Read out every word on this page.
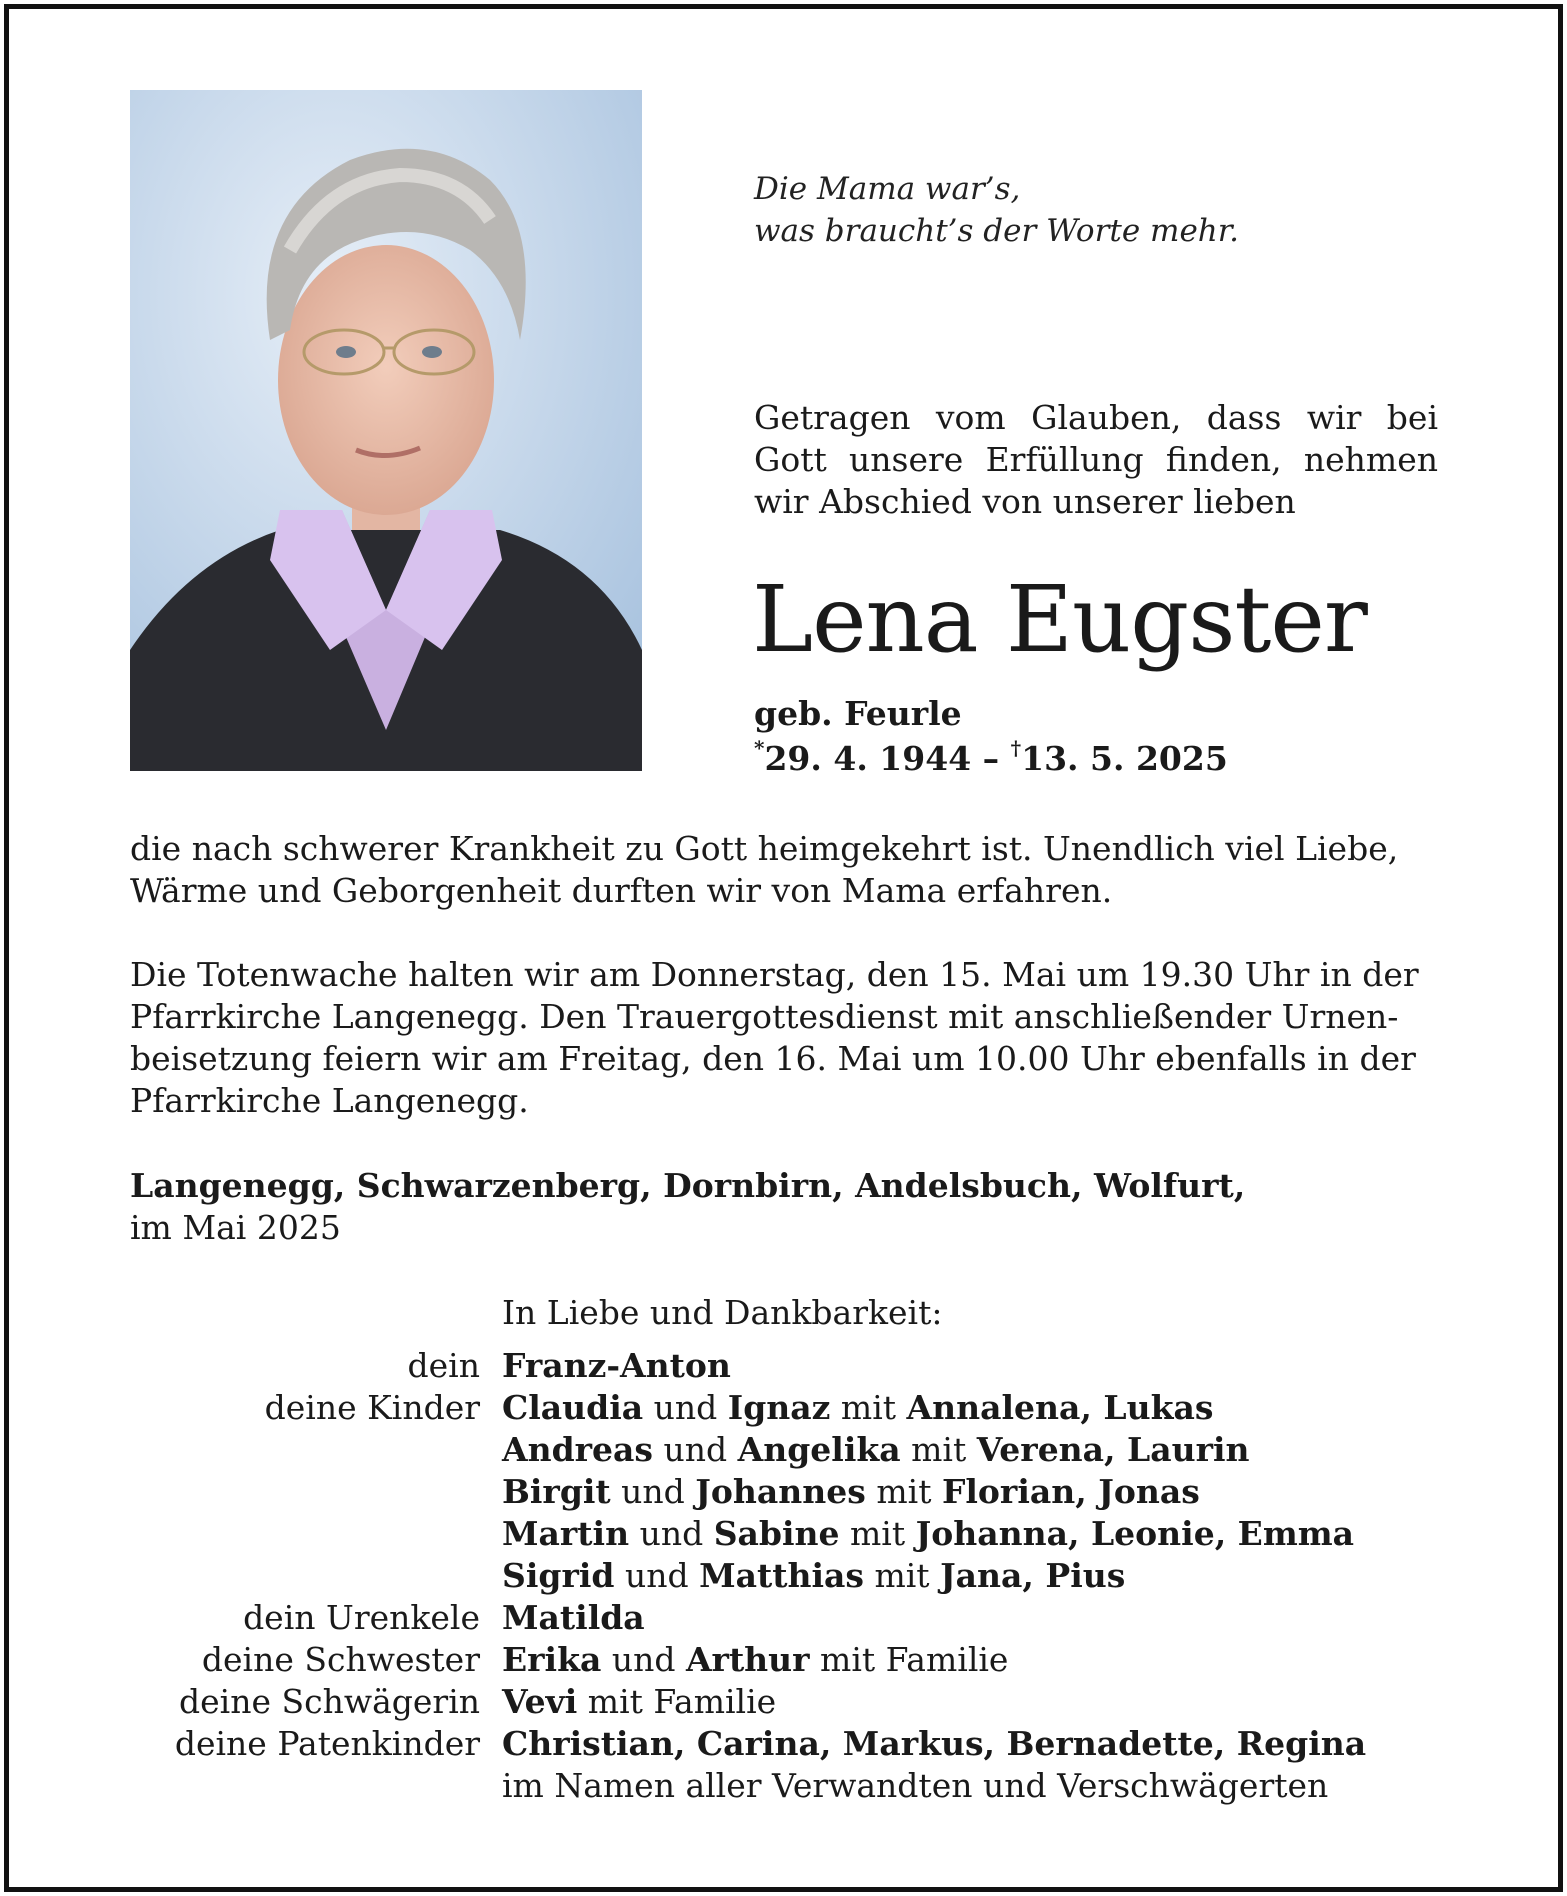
Die Mama war’s,
was braucht’s der Worte mehr.
Getragen vom Glauben, dass wir bei
Gott unsere Erfüllung finden, nehmen
wir Abschied von unserer lieben
Lena Eugster
geb. Feurle
*29. 4. 1944 – †13. 5. 2025
die nach schwerer Krankheit zu Gott heimgekehrt ist. Unendlich viel Liebe,
Wärme und Geborgenheit durften wir von Mama erfahren.
Die Totenwache halten wir am Donnerstag, den 15. Mai um 19.30 Uhr in der
Pfarrkirche Langenegg. Den Trauergottesdienst mit anschließender Urnen-
beisetzung feiern wir am Freitag, den 16. Mai um 10.00 Uhr ebenfalls in der
Pfarrkirche Langenegg.
Langenegg, Schwarzenberg, Dornbirn, Andelsbuch, Wolfurt,
im Mai 2025
In Liebe und Dankbarkeit:
dein Franz-Anton
deine Kinder Claudia und Ignaz mit Annalena, Lukas
Andreas und Angelika mit Verena, Laurin
Birgit und Johannes mit Florian, Jonas
Martin und Sabine mit Johanna, Leonie, Emma
Sigrid und Matthias mit Jana, Pius
dein Urenkele Matilda
deine Schwester Erika und Arthur mit Familie
deine Schwägerin Vevi mit Familie
deine Patenkinder Christian, Carina, Markus, Bernadette, Regina
im Namen aller Verwandten und Verschwägerten
